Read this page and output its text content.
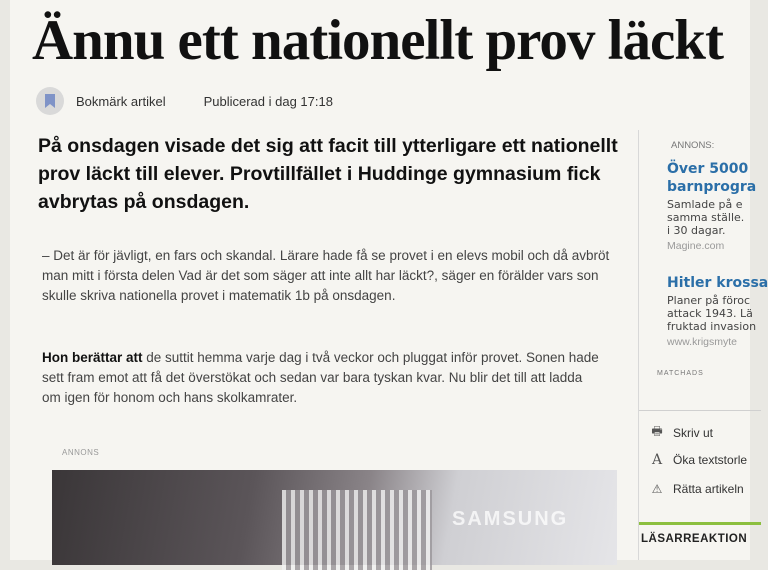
Ännu ett nationellt prov läckt
Bokmärk artikel	Publicerad i dag 17:18
På onsdagen visade det sig att facit till ytterligare ett nationellt prov läckt till elever. Provtillfället i Huddinge gymnasium fick avbrytas på onsdagen.
– Det är för jävligt, en fars och skandal. Lärare hade få se provet i en elevs mobil och då avbröt man mitt i första delen Vad är det som säger att inte allt har läckt?, säger en förälder vars son skulle skriva nationella provet i matematik 1b på onsdagen.
Hon berättar att de suttit hemma varje dag i två veckor och pluggat inför provet. Sonen hade sett fram emot att få det överstökat och sedan var bara tyskan kvar. Nu blir det till att ladda om igen för honom och hans skolkamrater.
ANNONS
SAMSUNG
ANNONS:
Över 5000
barnprogra
Samlade på e
samma ställe.
i 30 dagar.
Magine.com
Hitler krossa
Planer på föroc
attack 1943. Lä
fruktad invasion
www.krigsmyte
MATCHADS
🖶 Skriv ut
A Öka textstorle
⚠ Rätta artikeln
LÄSARREAKTION
